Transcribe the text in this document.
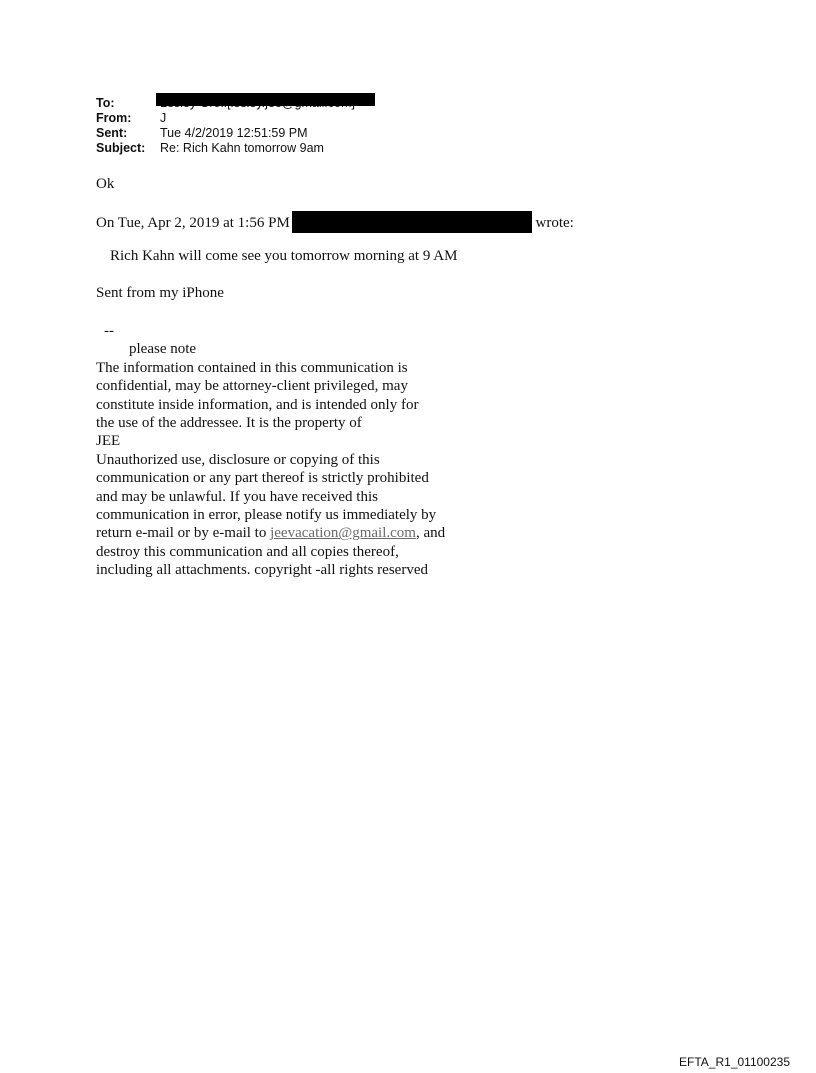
To:
From:	J
Sent:	Tue 4/2/2019 12:51:59 PM
Subject:	Re: Rich Kahn tomorrow 9am
Ok
On Tue, Apr 2, 2019 at 1:56 PM	wrote:
Rich Kahn will come see you tomorrow morning at 9 AM
Sent from my iPhone
--
please note
The information contained in this communication is
confidential, may be attorney-client privileged, may
constitute inside information, and is intended only for
the use of the addressee. It is the property of
JEE
Unauthorized use, disclosure or copying of this
communication or any part thereof is strictly prohibited
and may be unlawful. If you have received this
communication in error, please notify us immediately by
return e-mail or by e-mail to jeevacation@gmail.com, and
destroy this communication and all copies thereof,
including all attachments. copyright -all rights reserved
EFTA_R1_01100235
